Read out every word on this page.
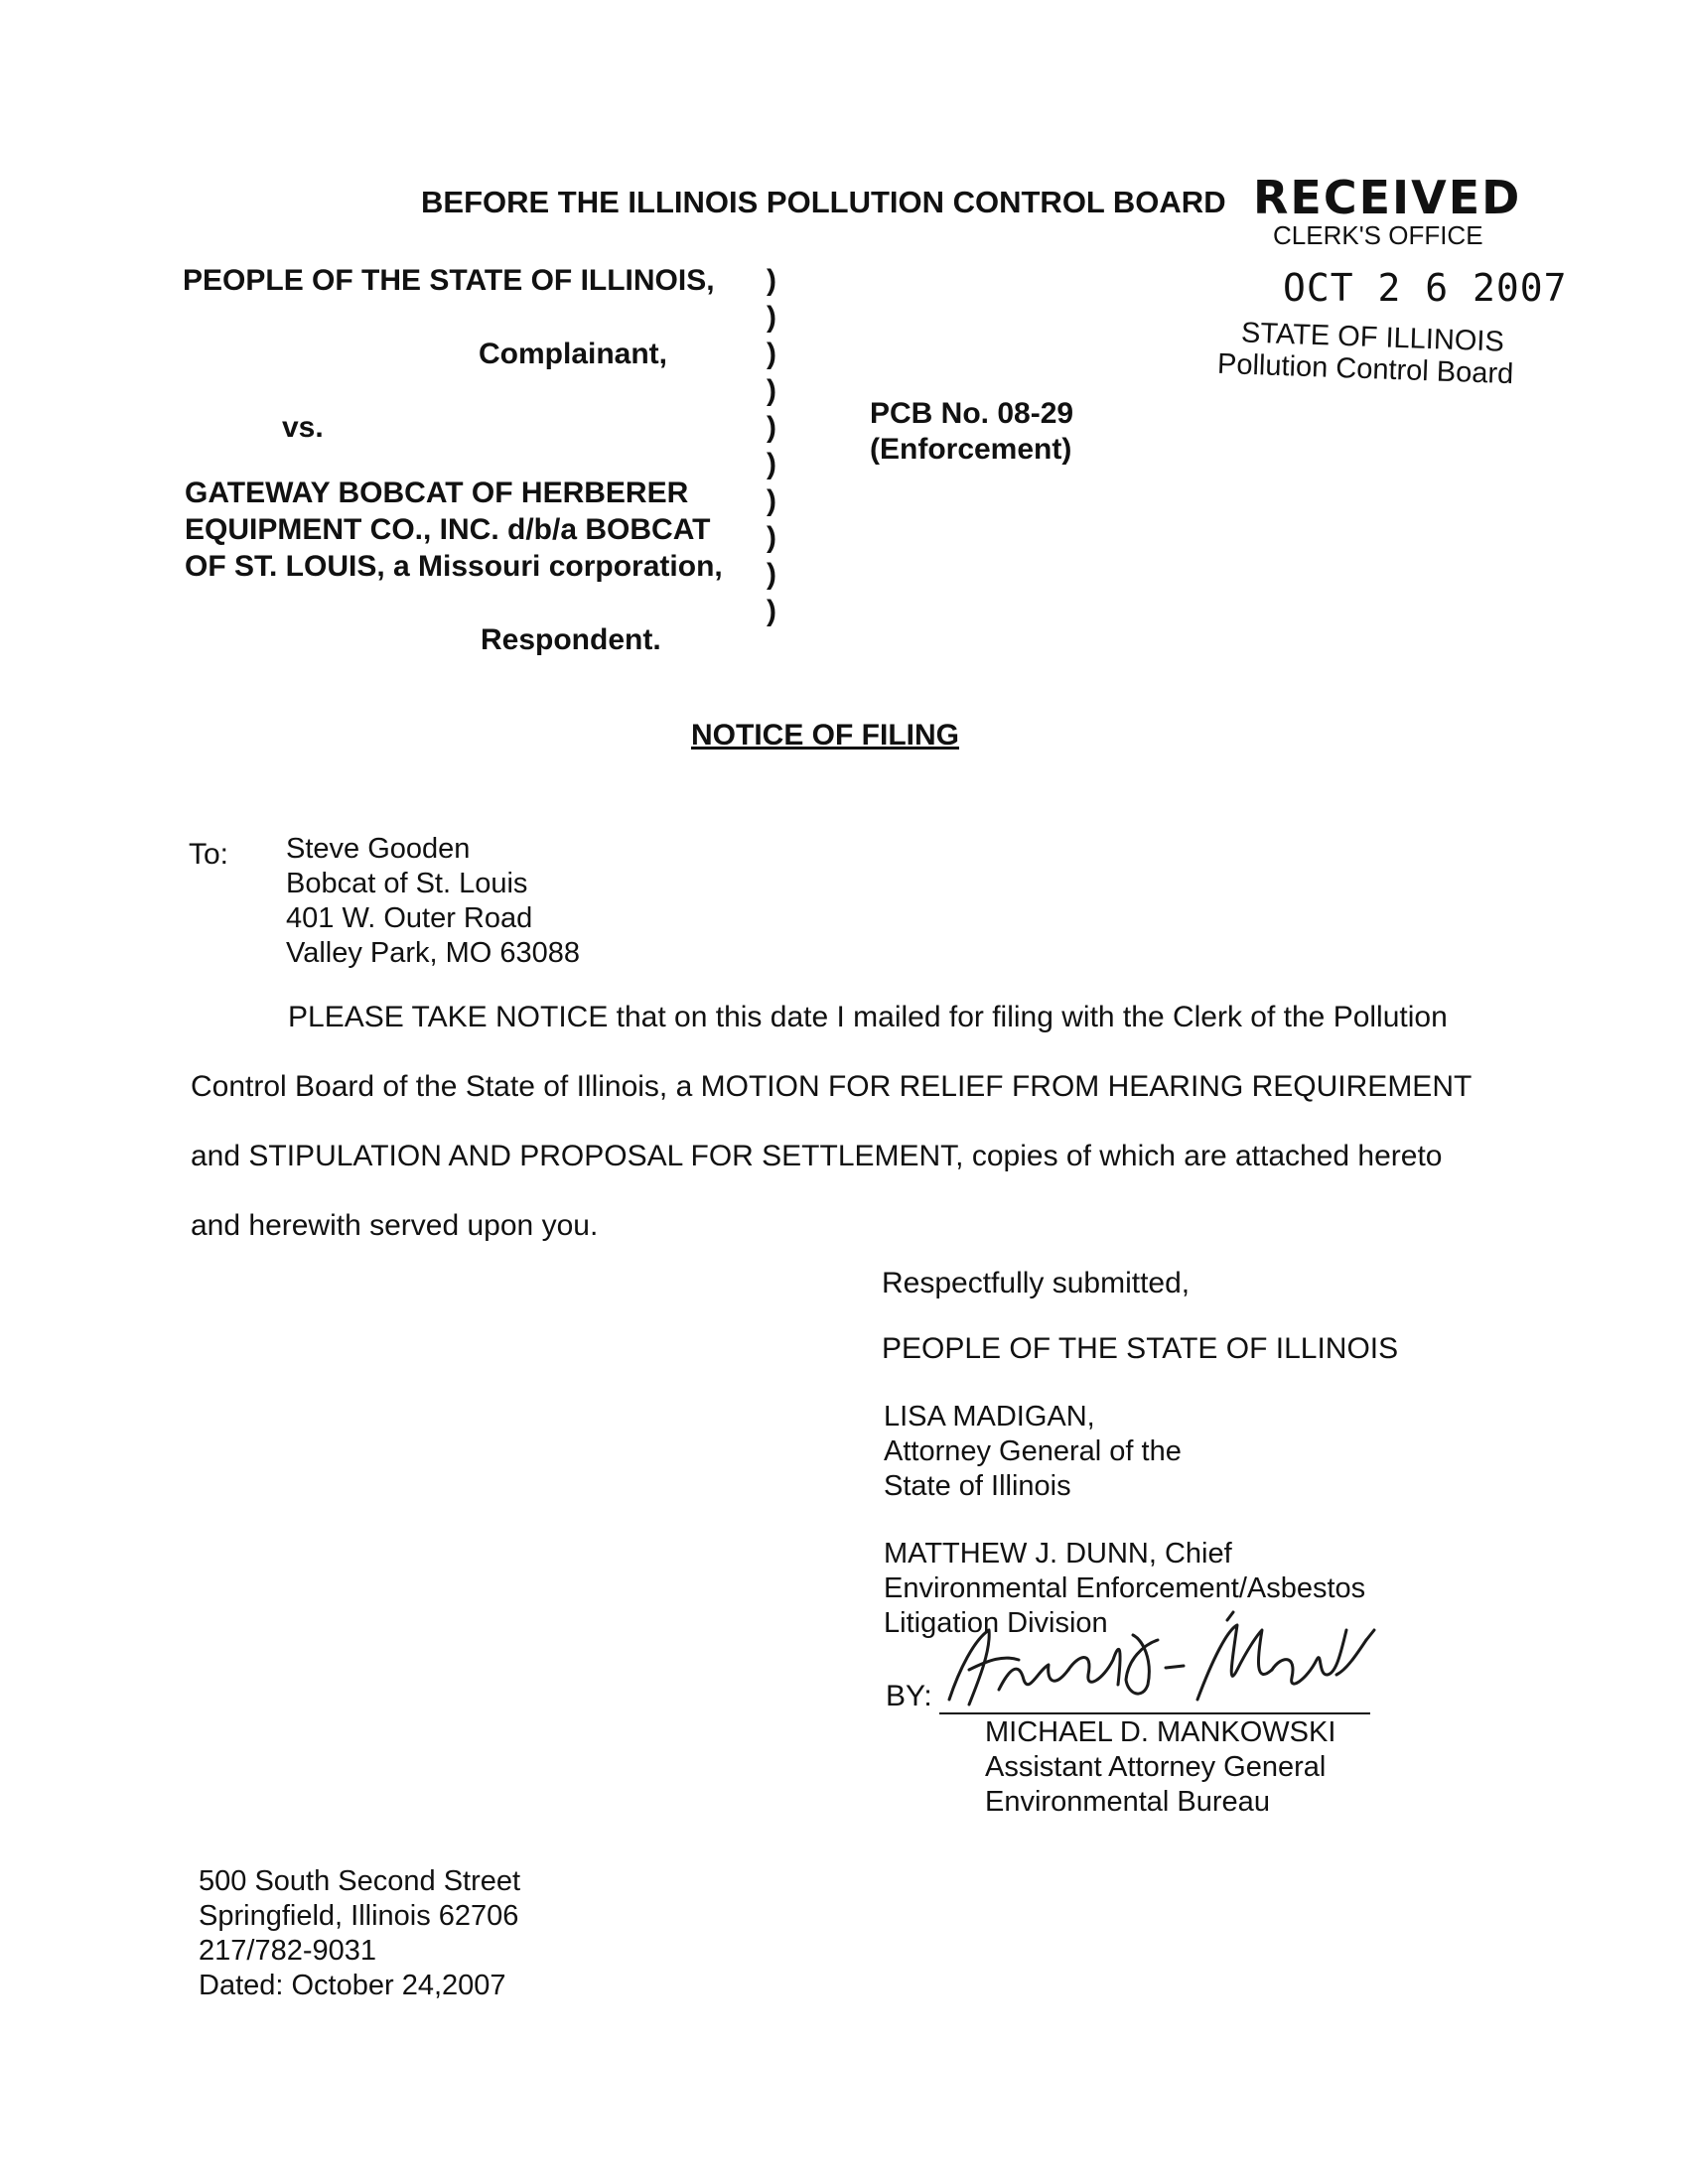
BEFORE THE ILLINOIS POLLUTION CONTROL BOARD RECEIVED
CLERK'S OFFICE
OCT 2 6 2007
STATE OF ILLINOIS
Pollution Control Board
PEOPLE OF THE STATE OF ILLINOIS,
Complainant,
vs.
GATEWAY BOBCAT OF HERBERER
EQUIPMENT CO., INC. d/b/a BOBCAT
OF ST. LOUIS, a Missouri corporation,
Respondent.
)
)
)
)
)
)
)
)
)
)
PCB No. 08-29
(Enforcement)
NOTICE OF FILING
To: Steve Gooden
Bobcat of St. Louis
401 W. Outer Road
Valley Park, MO 63088
PLEASE TAKE NOTICE that on this date I mailed for filing with the Clerk of the Pollution
Control Board of the State of Illinois, a MOTION FOR RELIEF FROM HEARING REQUIREMENT
and STIPULATION AND PROPOSAL FOR SETTLEMENT, copies of which are attached hereto
and herewith served upon you.
Respectfully submitted,
PEOPLE OF THE STATE OF ILLINOIS
LISA MADIGAN,
Attorney General of the
State of Illinois
MATTHEW J. DUNN, Chief
Environmental Enforcement/Asbestos
Litigation Division
BY:
MICHAEL D. MANKOWSKI
Assistant Attorney General
Environmental Bureau
500 South Second Street
Springfield, Illinois 62706
217/782-9031
Dated: October 24,2007
